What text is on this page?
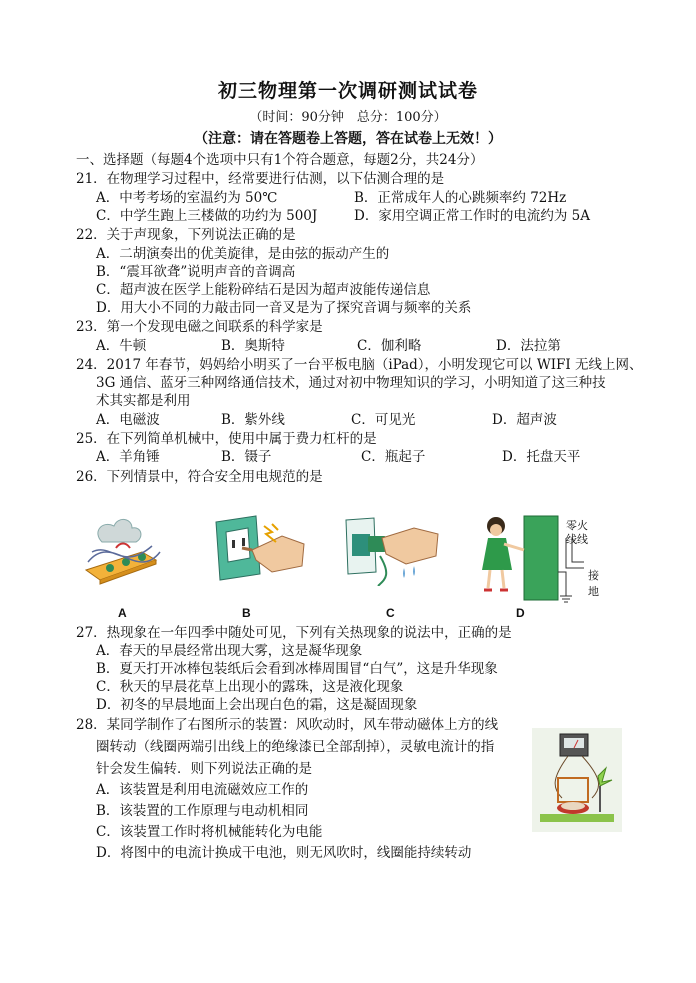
初三物理第一次调研测试试卷
（时间：90分钟　总分：100分）
（注意：请在答题卷上答题，答在试卷上无效！）
一、选择题（每题4个选项中只有1个符合题意，每题2分，共24分）
21．在物理学习过程中，经常要进行估测，以下估测合理的是
A．中考考场的室温约为 50℃	B．正常成年人的心跳频率约 72Hz
C．中学生跑上三楼做的功约为 500J	D．家用空调正常工作时的电流约为 5A
22．关于声现象，下列说法正确的是
A．二胡演奏出的优美旋律，是由弦的振动产生的
B．“震耳欲聋”说明声音的音调高
C．超声波在医学上能粉碎结石是因为超声波能传递信息
D．用大小不同的力敲击同一音叉是为了探究音调与频率的关系
23．第一个发现电磁之间联系的科学家是
A．牛顿	B．奥斯特	C．伽利略	D．法拉第
24．2017 年春节，妈妈给小明买了一台平板电脑（iPad），小明发现它可以 WIFI 无线上网、
3G 通信、蓝牙三种网络通信技术，通过对初中物理知识的学习，小明知道了这三种技
术其实都是利用
A．电磁波	B．紫外线	C．可见光	D．超声波
25．在下列简单机械中，使用中属于费力杠杆的是
A．羊角锤	B．镊子	C．瓶起子	D．托盘天平
26．下列情景中，符合安全用电规范的是
A	B	C
零火
线线
接
地
D
27．热现象在一年四季中随处可见，下列有关热现象的说法中，正确的是
A．春天的早晨经常出现大雾，这是凝华现象
B．夏天打开冰棒包装纸后会看到冰棒周围冒“白气”，这是升华现象
C．秋天的早晨花草上出现小的露珠，这是液化现象
D．初冬的早晨地面上会出现白色的霜，这是凝固现象
28．某同学制作了右图所示的装置：风吹动时，风车带动磁体上方的线
圈转动（线圈两端引出线上的绝缘漆已全部刮掉），灵敏电流计的指
针会发生偏转．则下列说法正确的是
A．该装置是利用电流磁效应工作的
B．该装置的工作原理与电动机相同
C．该装置工作时将机械能转化为电能
D．将图中的电流计换成干电池，则无风吹时，线圈能持续转动
